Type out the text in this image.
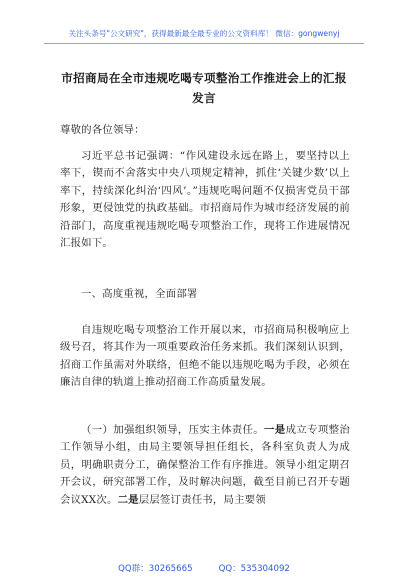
关注头条号"公文研究"，获得最新最全最专业的公文资料库！ 微信：gongwenyj
市招商局在全市违规吃喝专项整治工作推进会上的汇报发言
尊敬的各位领导：
习近平总书记强调：“作风建设永远在路上，要坚持以上率下，锲而不舍落实中央八项规定精神，抓住‘关键少数’以上率下，持续深化纠治‘四风’。”违规吃喝问题不仅损害党员干部形象，更侵蚀党的执政基础。市招商局作为城市经济发展的前沿部门，高度重视违规吃喝专项整治工作，现将工作进展情况汇报如下。
一、高度重视，全面部署
自违规吃喝专项整治工作开展以来，市招商局积极响应上级号召，将其作为一项重要政治任务来抓。我们深刻认识到，招商工作虽需对外联络，但绝不能以违规吃喝为手段，必须在廉洁自律的轨道上推动招商工作高质量发展。
（一）加强组织领导，压实主体责任。一是成立专项整治工作领导小组，由局主要领导担任组长，各科室负责人为成员，明确职责分工，确保整治工作有序推进。领导小组定期召开会议，研究部署工作，及时解决问题，截至目前已召开专题会议XX次。二是层层签订责任书，局主要领
QQ群：30265665	QQ：535304092
